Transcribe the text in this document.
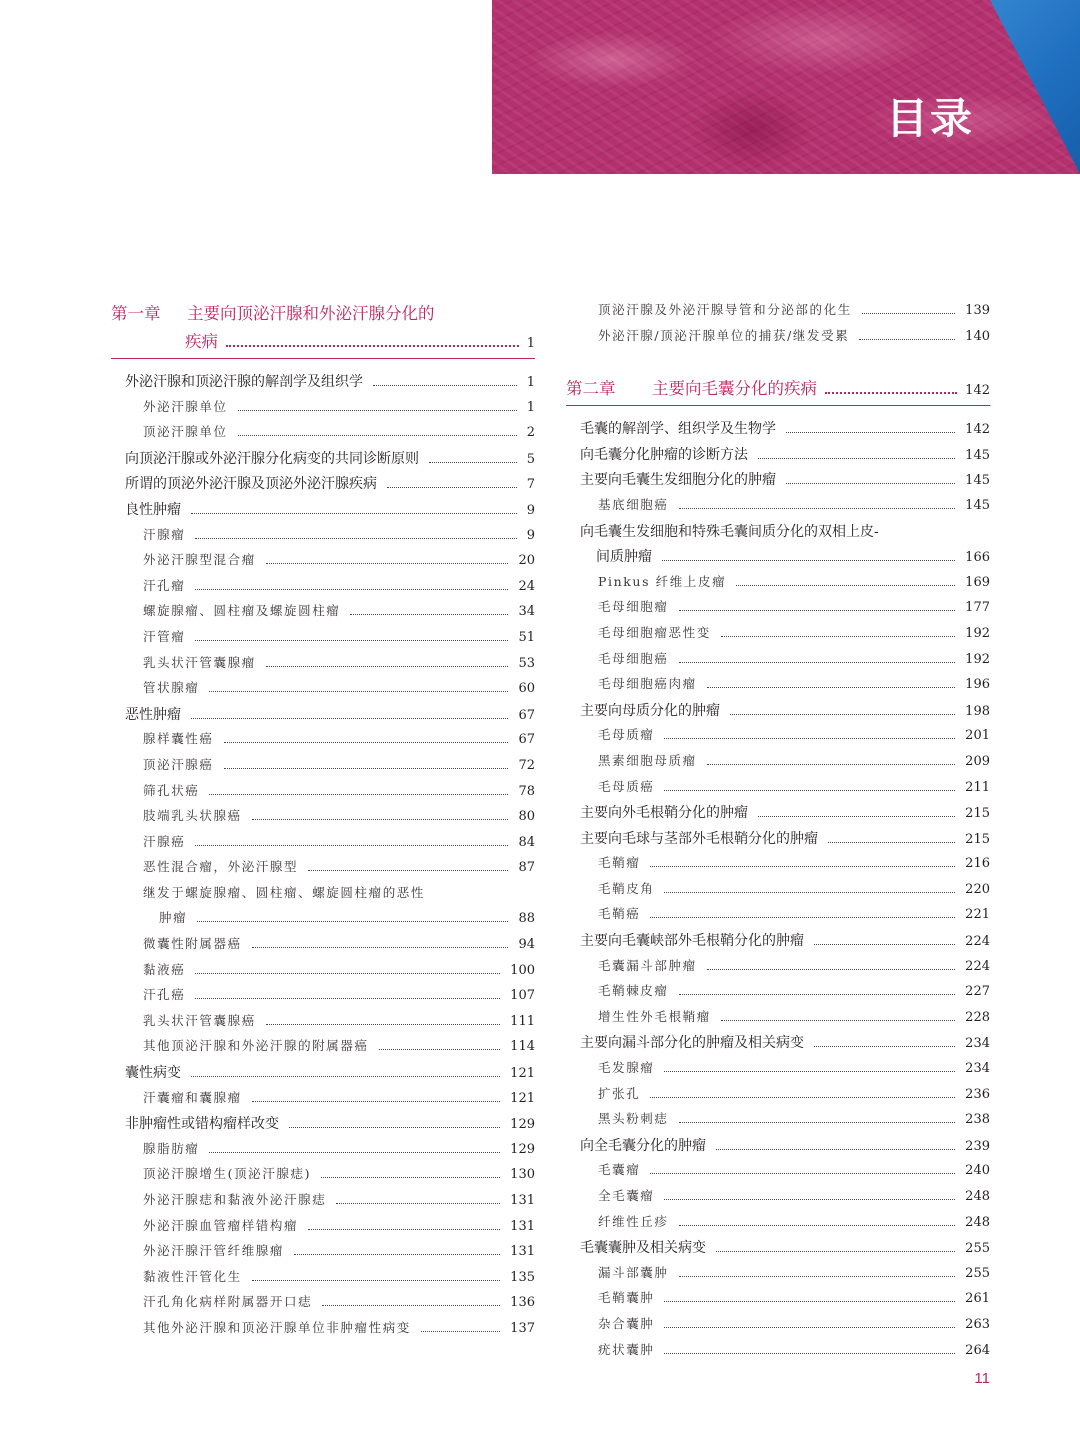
目录
第一章	主要向顶泌汗腺和外泌汗腺分化的
疾病	1
外泌汗腺和顶泌汗腺的解剖学及组织学	1
外泌汗腺单位	1
顶泌汗腺单位	2
向顶泌汗腺或外泌汗腺分化病变的共同诊断原则	5
所谓的顶泌外泌汗腺及顶泌外泌汗腺疾病	7
良性肿瘤	9
汗腺瘤	9
外泌汗腺型混合瘤	20
汗孔瘤	24
螺旋腺瘤、圆柱瘤及螺旋圆柱瘤	34
汗管瘤	51
乳头状汗管囊腺瘤	53
管状腺瘤	60
恶性肿瘤	67
腺样囊性癌	67
顶泌汗腺癌	72
筛孔状癌	78
肢端乳头状腺癌	80
汗腺癌	84
恶性混合瘤，外泌汗腺型	87
继发于螺旋腺瘤、圆柱瘤、螺旋圆柱瘤的恶性
肿瘤	88
微囊性附属器癌	94
黏液癌	100
汗孔癌	107
乳头状汗管囊腺癌	111
其他顶泌汗腺和外泌汗腺的附属器癌	114
囊性病变	121
汗囊瘤和囊腺瘤	121
非肿瘤性或错构瘤样改变	129
腺脂肪瘤	129
顶泌汗腺增生(顶泌汗腺痣)	130
外泌汗腺痣和黏液外泌汗腺痣	131
外泌汗腺血管瘤样错构瘤	131
外泌汗腺汗管纤维腺瘤	131
黏液性汗管化生	135
汗孔角化病样附属器开口痣	136
其他外泌汗腺和顶泌汗腺单位非肿瘤性病变	137
顶泌汗腺及外泌汗腺导管和分泌部的化生	139
外泌汗腺/顶泌汗腺单位的捕获/继发受累	140
第二章	主要向毛囊分化的疾病	142
毛囊的解剖学、组织学及生物学	142
向毛囊分化肿瘤的诊断方法	145
主要向毛囊生发细胞分化的肿瘤	145
基底细胞癌	145
向毛囊生发细胞和特殊毛囊间质分化的双相上皮-
间质肿瘤	166
Pinkus 纤维上皮瘤	169
毛母细胞瘤	177
毛母细胞瘤恶性变	192
毛母细胞癌	192
毛母细胞癌肉瘤	196
主要向母质分化的肿瘤	198
毛母质瘤	201
黑素细胞母质瘤	209
毛母质癌	211
主要向外毛根鞘分化的肿瘤	215
主要向毛球与茎部外毛根鞘分化的肿瘤	215
毛鞘瘤	216
毛鞘皮角	220
毛鞘癌	221
主要向毛囊峡部外毛根鞘分化的肿瘤	224
毛囊漏斗部肿瘤	224
毛鞘棘皮瘤	227
增生性外毛根鞘瘤	228
主要向漏斗部分化的肿瘤及相关病变	234
毛发腺瘤	234
扩张孔	236
黑头粉刺痣	238
向全毛囊分化的肿瘤	239
毛囊瘤	240
全毛囊瘤	248
纤维性丘疹	248
毛囊囊肿及相关病变	255
漏斗部囊肿	255
毛鞘囊肿	261
杂合囊肿	263
疣状囊肿	264
11
